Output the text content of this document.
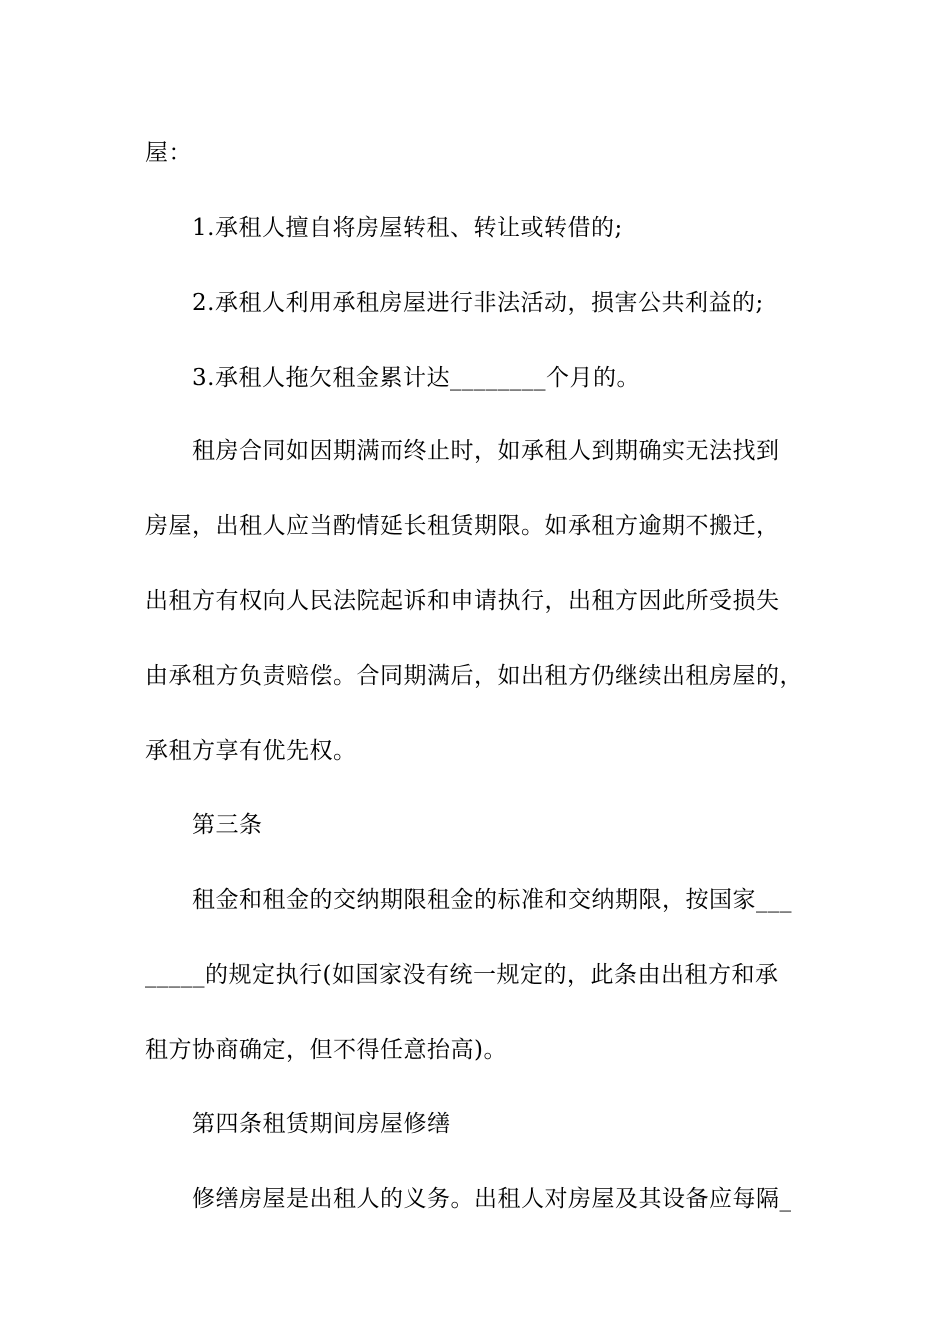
屋：
1.承租人擅自将房屋转租、转让或转借的;
2.承租人利用承租房屋进行非法活动，损害公共利益的;
3.承租人拖欠租金累计达________个月的。
租房合同如因期满而终止时，如承租人到期确实无法找到
房屋，出租人应当酌情延长租赁期限。如承租方逾期不搬迁，
出租方有权向人民法院起诉和申请执行，出租方因此所受损失
由承租方负责赔偿。合同期满后，如出租方仍继续出租房屋的，
承租方享有优先权。
第三条
租金和租金的交纳期限租金的标准和交纳期限，按国家___
_____的规定执行(如国家没有统一规定的，此条由出租方和承
租方协商确定，但不得任意抬高)。
第四条租赁期间房屋修缮
修缮房屋是出租人的义务。出租人对房屋及其设备应每隔_
